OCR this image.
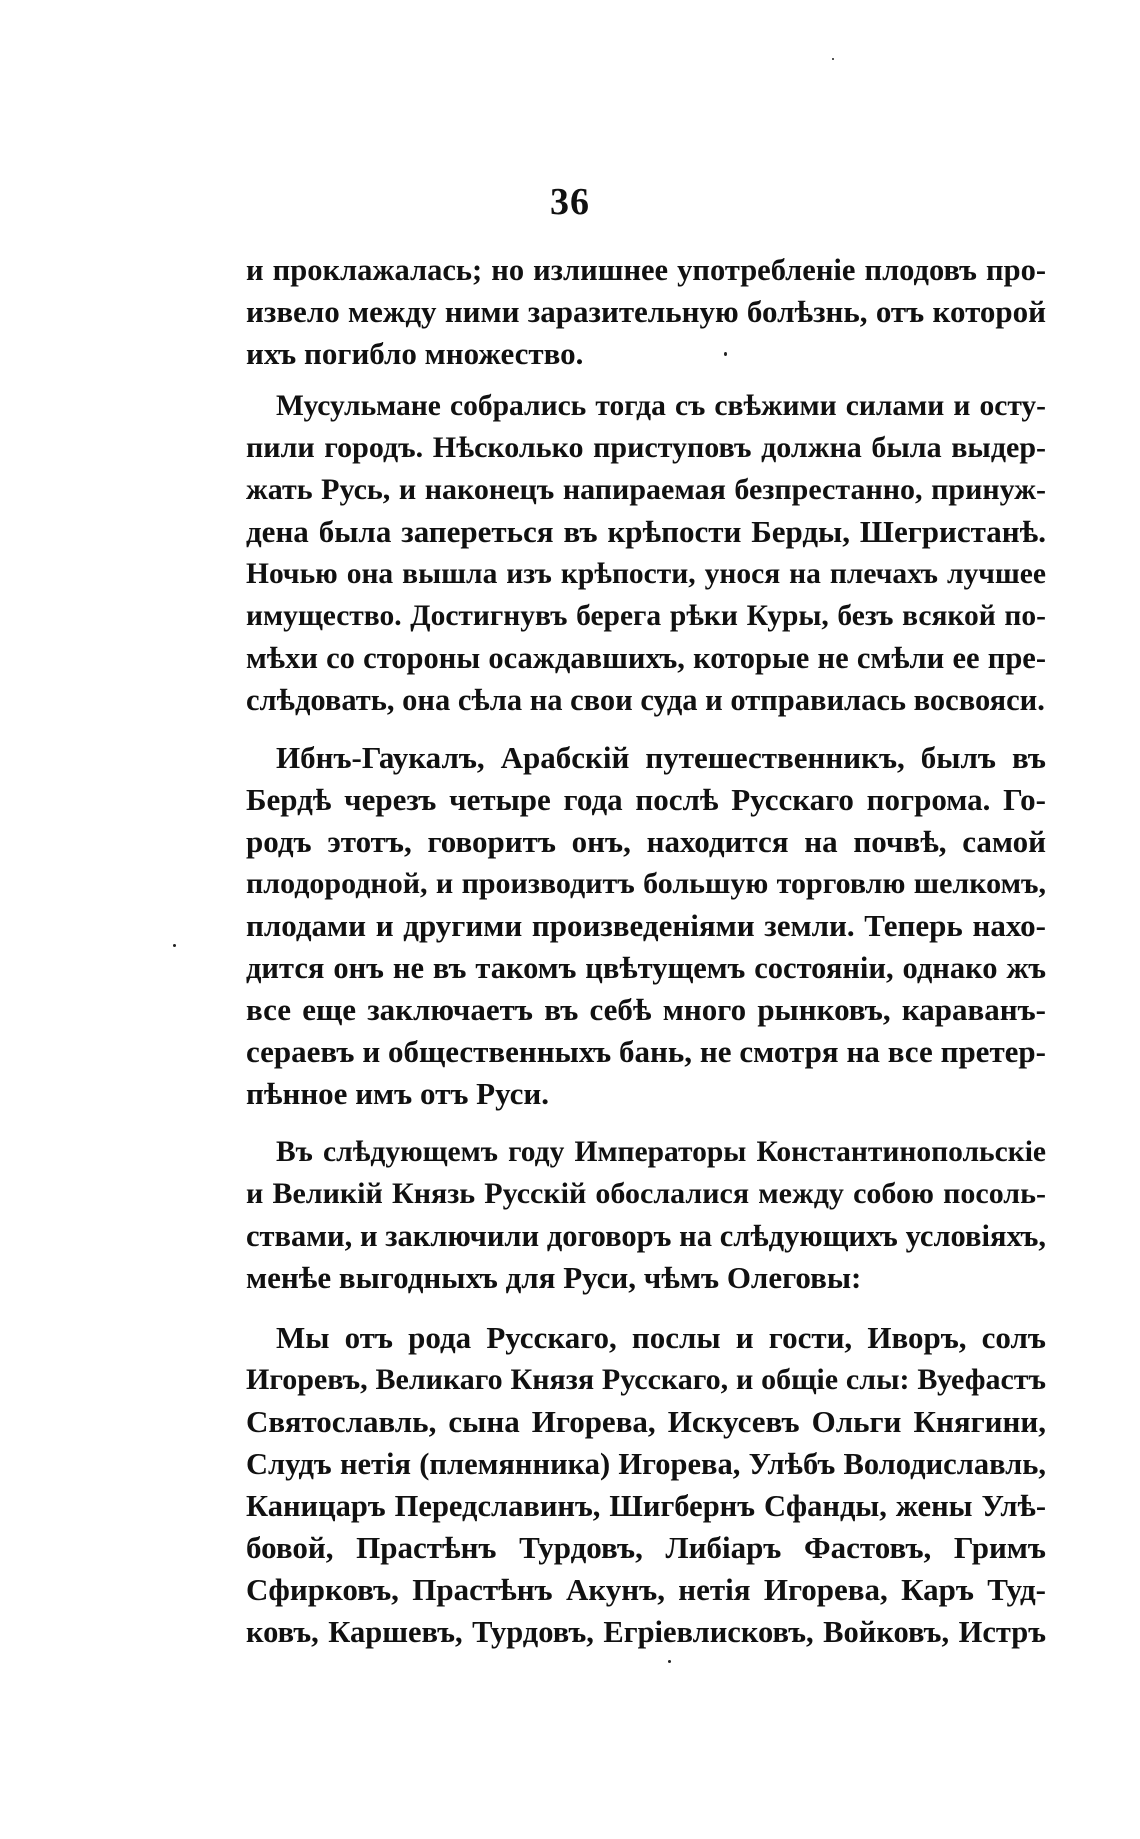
36
и проклажалась; но излишнее употребленіе плодовъ про-
извело между ними заразительную болѣзнь, отъ которой
ихъ погибло множество.
Мусульмане собрались тогда съ свѣжими силами и осту-
пили городъ. Нѣсколько приступовъ должна была выдер-
жать Русь, и наконецъ напираемая безпрестанно, принуж-
дена была запереться въ крѣпости Берды, Шегристанѣ.
Ночью она вышла изъ крѣпости, унося на плечахъ лучшее
имущество. Достигнувъ берега рѣки Куры, безъ всякой по-
мѣхи со стороны осаждавшихъ, которые не смѣли ее пре-
слѣдовать, она сѣла на свои суда и отправилась восвояси.
Ибнъ-Гаукалъ, Арабскій путешественникъ, былъ въ
Бердѣ черезъ четыре года послѣ Русскаго погрома. Го-
родъ этотъ, говоритъ онъ, находится на почвѣ, самой
плодородной, и производитъ большую торговлю шелкомъ,
плодами и другими произведеніями земли. Теперь нахо-
дится онъ не въ такомъ цвѣтущемъ состояніи, однако жъ
все еще заключаетъ въ себѣ много рынковъ, караванъ-
сераевъ и общественныхъ бань, не смотря на все претер-
пѣнное имъ отъ Руси.
Въ слѣдующемъ году Императоры Константинопольскіе
и Великій Князь Русскій обослалися между собою посоль-
ствами, и заключили договоръ на слѣдующихъ условіяхъ,
менѣе выгодныхъ для Руси, чѣмъ Олеговы:
Мы отъ рода Русскаго, послы и гости, Иворъ, солъ
Игоревъ, Великаго Князя Русскаго, и общіе слы: Вуефастъ
Святославль, сына Игорева, Искусевъ Ольги Княгини,
Слудъ нетія (племянника) Игорева, Улѣбъ Володиславль,
Каницаръ Передславинъ, Шигбернъ Сфанды, жены Улѣ-
бовой, Прастѣнъ Турдовъ, Либіаръ Фастовъ, Гримъ
Сфирковъ, Прастѣнъ Акунъ, нетія Игорева, Каръ Туд-
ковъ, Каршевъ, Турдовъ, Егріевлисковъ, Войковъ, Истръ
